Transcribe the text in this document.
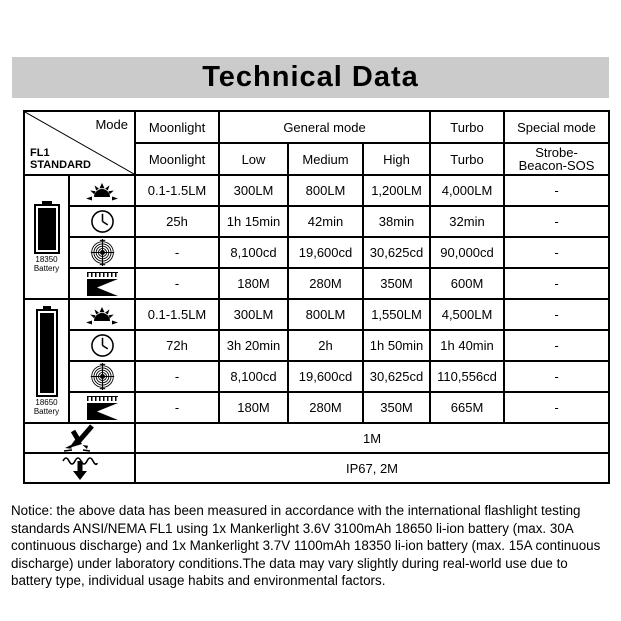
Technical Data
Mode
FL1
STANDARD		Moonlight	General mode			Turbo	Special mode
		Moonlight	Low	Medium	High	Turbo	Strobe-
Beacon-SOS

18350
Battery		0.1-1.5LM	300LM	800LM	1,200LM	4,000LM	-

	25h	1h 15min	42min	38min	32min	-

	-	8,100cd	19,600cd	30,625cd	90,000cd	-

	-	180M	280M	350M	600M	-

18650
Battery		0.1-1.5LM	300LM	800LM	1,550LM	4,500LM	-

	72h	3h 20min	2h	1h 50min	1h 40min	-

	-	8,100cd	19,600cd	30,625cd	110,556cd	-

	-	180M	280M	350M	665M	-

	1M					

	IP67, 2M					

Notice: the above data has been measured in accordance with the international flashlight testing standards ANSI/NEMA FL1 using 1x Mankerlight 3.6V 3100mAh 18650 li-ion battery (max. 30A continuous discharge) and 1x Mankerlight 3.7V 1100mAh 18350 li-ion battery (max. 15A continuous discharge) under laboratory conditions.The data may vary slightly during real-world use due to battery type, individual usage habits and environmental factors.
